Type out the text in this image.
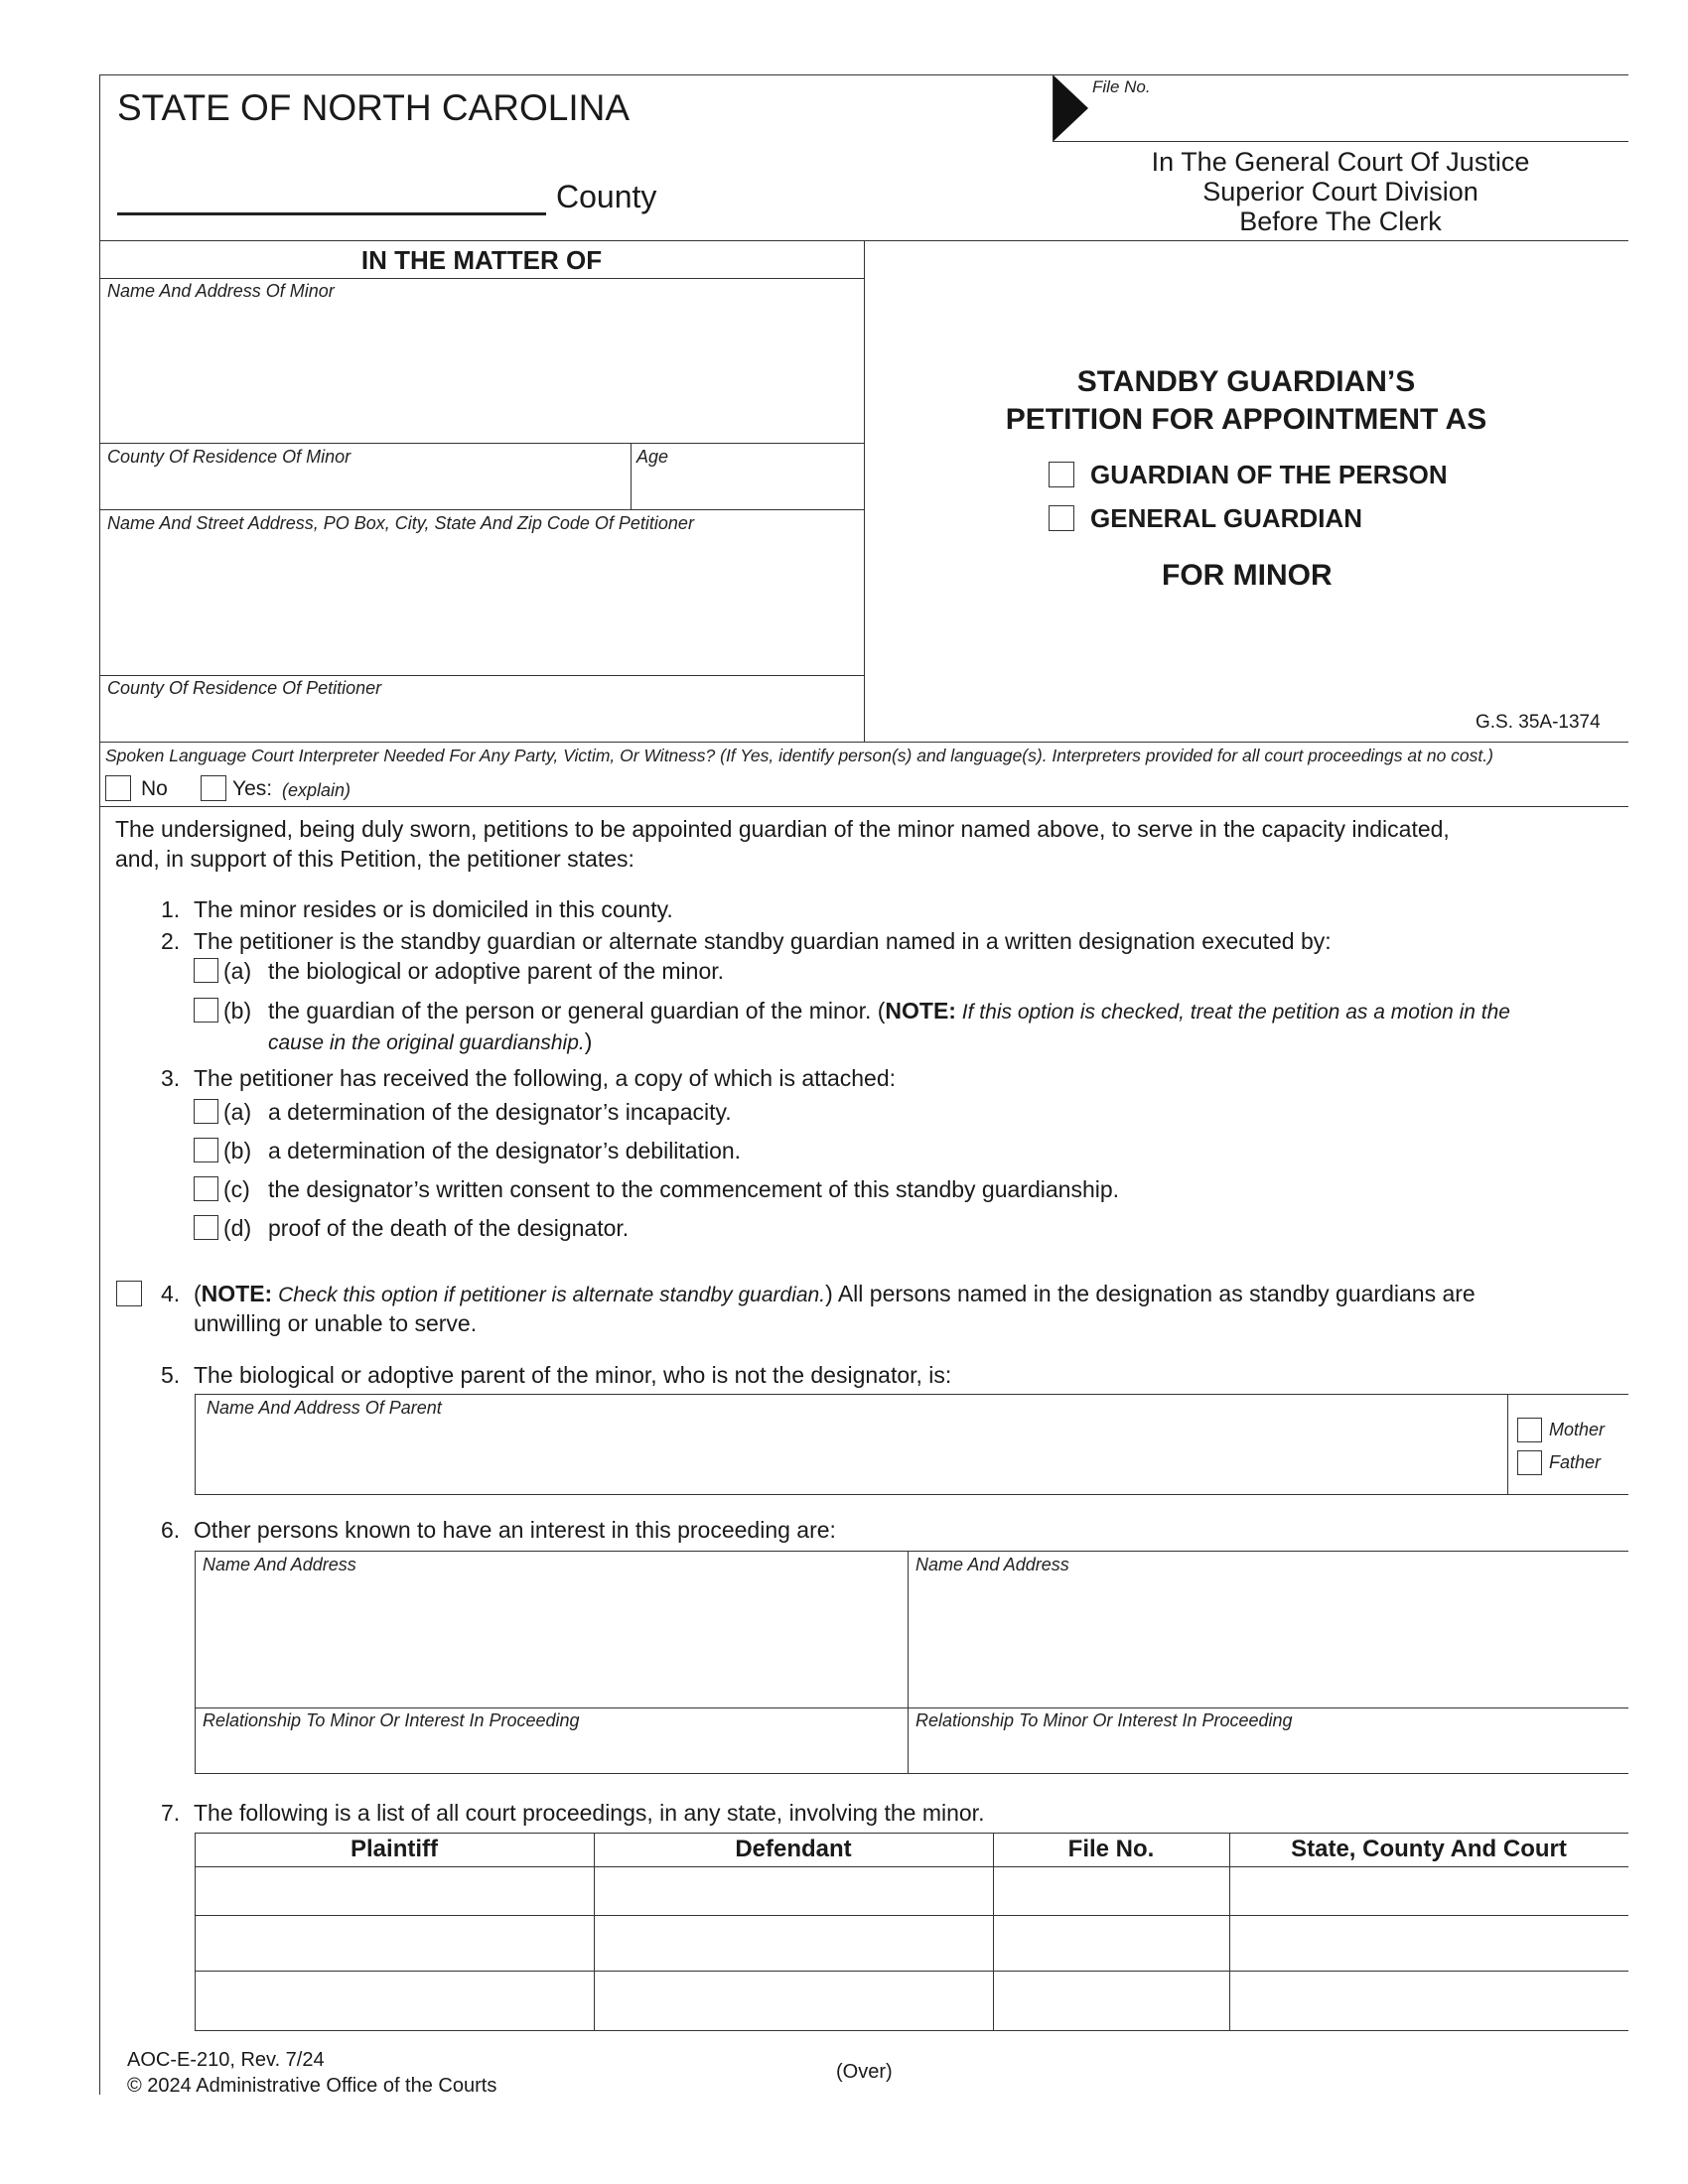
STATE OF NORTH CAROLINA
County
File No.
In The General Court Of Justice
Superior Court Division
Before The Clerk
IN THE MATTER OF
Name And Address Of Minor
County Of Residence Of Minor	Age
Name And Street Address, PO Box, City, State And Zip Code Of Petitioner
County Of Residence Of Petitioner
STANDBY GUARDIAN’S
PETITION FOR APPOINTMENT AS
GUARDIAN OF THE PERSON
GENERAL GUARDIAN
FOR MINOR
G.S. 35A-1374
Spoken Language Court Interpreter Needed For Any Party, Victim, Or Witness? (If Yes, identify person(s) and language(s). Interpreters provided for all court proceedings at no cost.)
No	Yes: (explain)
The undersigned, being duly sworn, petitions to be appointed guardian of the minor named above, to serve in the capacity indicated,
and, in support of this Petition, the petitioner states:
1. The minor resides or is domiciled in this county.
2. The petitioner is the standby guardian or alternate standby guardian named in a written designation executed by:
(a) the biological or adoptive parent of the minor.
(b) the guardian of the person or general guardian of the minor. (NOTE: If this option is checked, treat the petition as a motion in the
cause in the original guardianship.)
3. The petitioner has received the following, a copy of which is attached:
(a) a determination of the designator’s incapacity.
(b) a determination of the designator’s debilitation.
(c) the designator’s written consent to the commencement of this standby guardianship.
(d) proof of the death of the designator.
4. (NOTE: Check this option if petitioner is alternate standby guardian.) All persons named in the designation as standby guardians are
unwilling or unable to serve.
5. The biological or adoptive parent of the minor, who is not the designator, is:
Name And Address Of Parent
Mother
Father
6. Other persons known to have an interest in this proceeding are:
Name And Address	Name And Address
Relationship To Minor Or Interest In Proceeding	Relationship To Minor Or Interest In Proceeding
7. The following is a list of all court proceedings, in any state, involving the minor.
Plaintiff	Defendant	File No.	State, County And Court
AOC-E-210, Rev. 7/24
© 2024 Administrative Office of the Courts
(Over)
